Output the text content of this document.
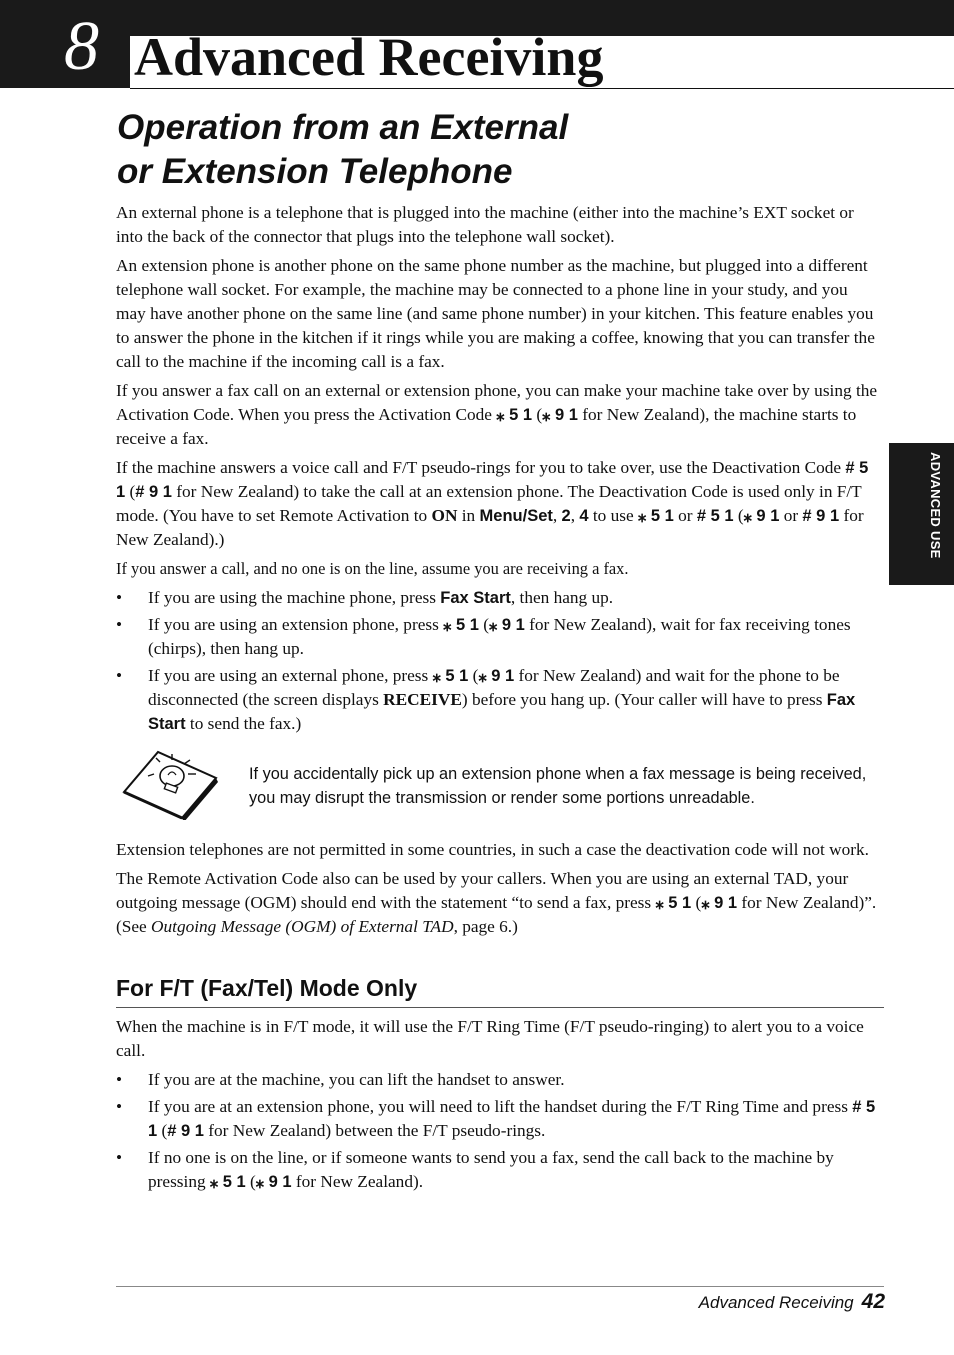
8 Advanced Receiving
Operation from an External
or Extension Telephone

An external phone is a telephone that is plugged into the machine (either into the machine’s EXT socket or into the back of the connector that plugs into the telephone wall socket).

An extension phone is another phone on the same phone number as the machine, but plugged into a different telephone wall socket. For example, the machine may be connected to a phone line in your study, and you may have another phone on the same line (and same phone number) in your kitchen. This feature enables you to answer the phone in the kitchen if it rings while you are making a coffee, knowing that you can transfer the call to the machine if the incoming call is a fax.

If you answer a fax call on an external or extension phone, you can make your machine take over by using the Activation Code. When you press the Activation Code ⁎ 5 1 (⁎ 9 1 for New Zealand), the machine starts to receive a fax.

If the machine answers a voice call and F/T pseudo-rings for you to take over, use the Deactivation Code # 5 1 (# 9 1 for New Zealand) to take the call at an extension phone. The Deactivation Code is used only in F/T mode. (You have to set Remote Activation to ON in Menu/Set, 2, 4 to use ⁎ 5 1 or # 5 1 (⁎ 9 1 or # 9 1 for New Zealand).)

If you answer a call, and no one is on the line, assume you are receiving a fax.

• If you are using the machine phone, press Fax Start, then hang up.
• If you are using an extension phone, press ⁎ 5 1 (⁎ 9 1 for New Zealand), wait for fax receiving tones (chirps), then hang up.
• If you are using an external phone, press ⁎ 5 1 (⁎ 9 1 for New Zealand) and wait for the phone to be disconnected (the screen displays RECEIVE) before you hang up. (Your caller will have to press Fax Start to send the fax.)
If you accidentally pick up an extension phone when a fax message is being received, you may disrupt the transmission or render some portions unreadable.

Extension telephones are not permitted in some countries, in such a case the deactivation code will not work.

The Remote Activation Code also can be used by your callers. When you are using an external TAD, your outgoing message (OGM) should end with the statement “to send a fax, press ⁎ 5 1 (⁎ 9 1 for New Zealand)”. (See Outgoing Message (OGM) of External TAD, page 6.)

For F/T (Fax/Tel) Mode Only

When the machine is in F/T mode, it will use the F/T Ring Time (F/T pseudo-ringing) to alert you to a voice call.

• If you are at the machine, you can lift the handset to answer.
• If you are at an extension phone, you will need to lift the handset during the F/T Ring Time and press # 5 1 (# 9 1 for New Zealand) between the F/T pseudo-rings.
• If no one is on the line, or if someone wants to send you a fax, send the call back to the machine by pressing ⁎ 5 1 (⁎ 9 1 for New Zealand).
ADVANCED USE
Advanced Receiving 42
